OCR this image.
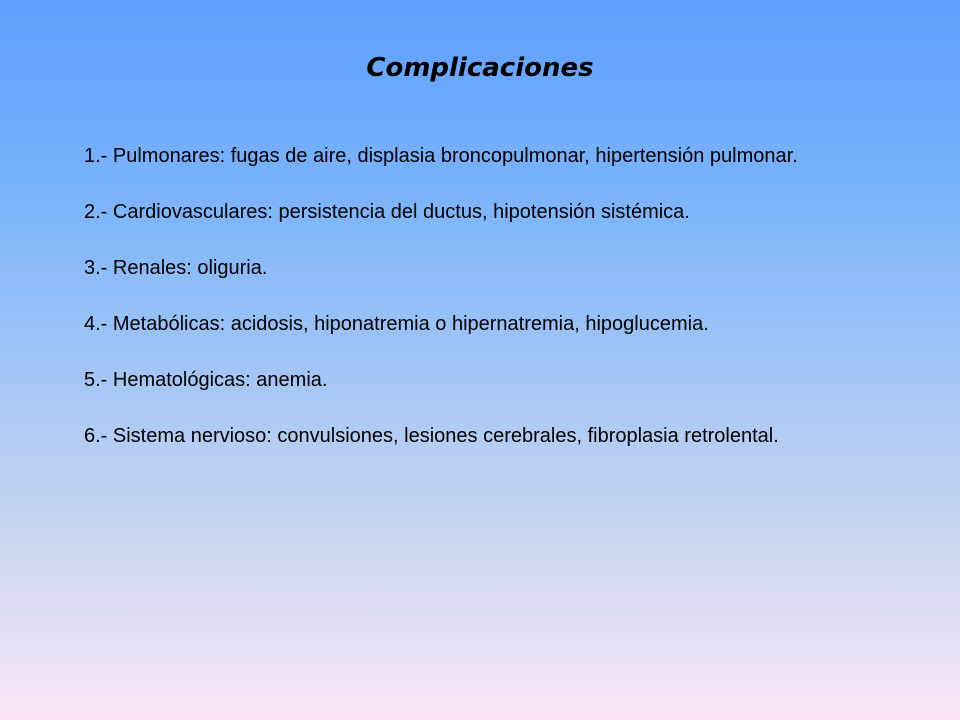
Complicaciones
1.- Pulmonares: fugas de aire, displasia broncopulmonar, hipertensión pulmonar.
2.- Cardiovasculares: persistencia del ductus, hipotensión sistémica.
3.- Renales: oliguria.
4.- Metabólicas: acidosis, hiponatremia o hipernatremia, hipoglucemia.
5.- Hematológicas: anemia.
6.- Sistema nervioso: convulsiones, lesiones cerebrales, fibroplasia retrolental.
